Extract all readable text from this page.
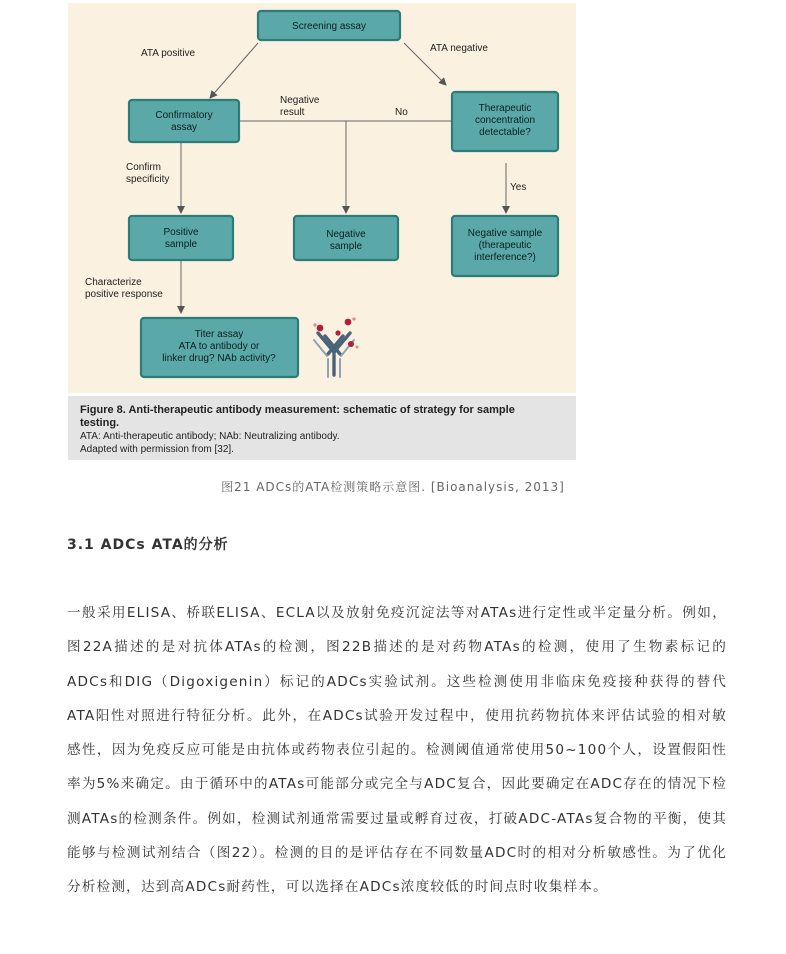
Screening assay
Confirmatory assay
Therapeutic concentration detectable?
Positive sample
Negative sample
Negative sample (therapeutic interference?)
Titer assay ATA to antibody or linker drug? NAb activity?
ATA positive	ATA negative
Negative result	No
Yes
Confirm specificity
Characterize positive response
Figure 8. Anti-therapeutic antibody measurement: schematic of strategy for sample testing.
ATA: Anti-therapeutic antibody; NAb: Neutralizing antibody.
Adapted with permission from [32].
图21 ADCs的ATA检测策略示意图. [Bioanalysis, 2013]
3.1 ADCs ATA的分析

一般采用ELISA、桥联ELISA、ECLA以及放射免疫沉淀法等对ATAs进行定性或半定量分析。例如，图22A描述的是对抗体ATAs的检测，图22B描述的是对药物ATAs的检测，使用了生物素标记的ADCs和DIG（Digoxigenin）标记的ADCs实验试剂。这些检测使用非临床免疫接种获得的替代ATA阳性对照进行特征分析。此外，在ADCs试验开发过程中，使用抗药物抗体来评估试验的相对敏感性，因为免疫反应可能是由抗体或药物表位引起的。检测阈值通常使用50~100个人，设置假阳性率为5%来确定。由于循环中的ATAs可能部分或完全与ADC复合，因此要确定在ADC存在的情况下检测ATAs的检测条件。例如，检测试剂通常需要过量或孵育过夜，打破ADC-ATAs复合物的平衡，使其能够与检测试剂结合（图22）。检测的目的是评估存在不同数量ADC时的相对分析敏感性。为了优化分析检测，达到高ADCs耐药性，可以选择在ADCs浓度较低的时间点时收集样本。
